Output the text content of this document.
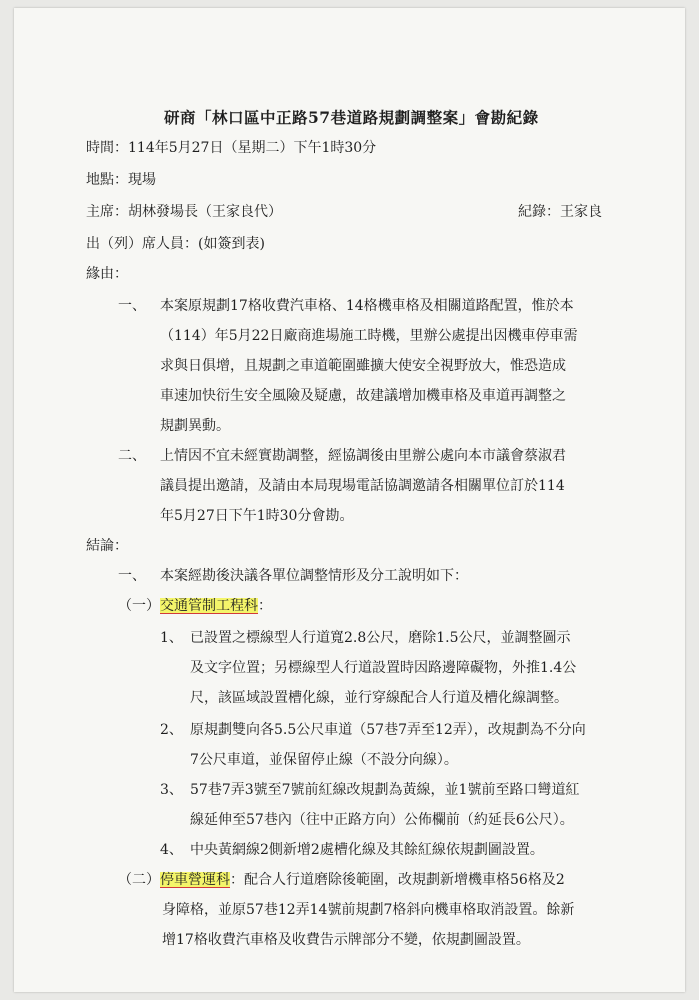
研商「林口區中正路57巷道路規劃調整案」會勘紀錄
時間：114年5月27日（星期二）下午1時30分
地點：現場
主席：胡林發場長（王家良代）	紀錄：王家良
出（列）席人員：(如簽到表)
緣由：
一、 本案原規劃17格收費汽車格、14格機車格及相關道路配置，惟於本
（114）年5月22日廠商進場施工時機，里辦公處提出因機車停車需
求與日俱增，且規劃之車道範圍雖擴大使安全視野放大，惟恐造成
車速加快衍生安全風險及疑慮，故建議增加機車格及車道再調整之
規劃異動。
二、 上情因不宜未經實勘調整，經協調後由里辦公處向本市議會蔡淑君
議員提出邀請，及請由本局現場電話協調邀請各相關單位訂於114
年5月27日下午1時30分會勘。
結論：
一、 本案經勘後決議各單位調整情形及分工說明如下：
（一）交通管制工程科：
1、 已設置之標線型人行道寬2.8公尺，磨除1.5公尺，並調整圖示
及文字位置；另標線型人行道設置時因路邊障礙物，外推1.4公
尺，該區域設置槽化線，並行穿線配合人行道及槽化線調整。
2、 原規劃雙向各5.5公尺車道（57巷7弄至12弄），改規劃為不分向
7公尺車道，並保留停止線（不設分向線）。
3、 57巷7弄3號至7號前紅線改規劃為黃線，並1號前至路口彎道紅
線延伸至57巷內（往中正路方向）公佈欄前（約延長6公尺）。
4、 中央黃網線2側新增2處槽化線及其餘紅線依規劃圖設置。
（二）停車營運科：配合人行道磨除後範圍，改規劃新增機車格56格及2
身障格，並原57巷12弄14號前規劃7格斜向機車格取消設置。餘新
增17格收費汽車格及收費告示牌部分不變，依規劃圖設置。
